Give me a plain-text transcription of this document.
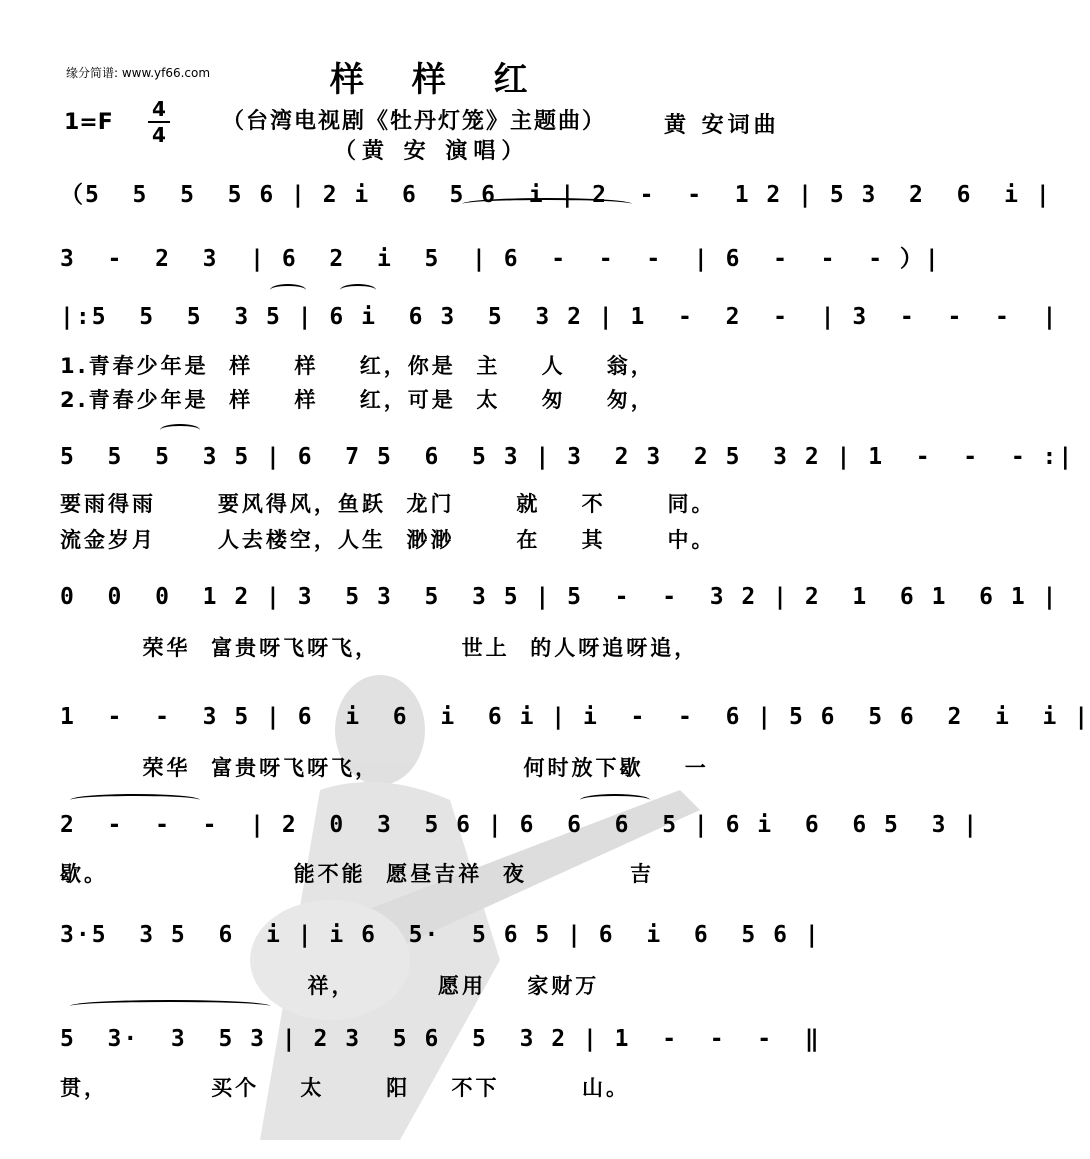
缘分简谱: www.yf66.com	样 样 红
1=F
4
4
（台湾电视剧《牡丹灯笼》主题曲）	黄 安词曲
（黄 安 演唱）
（5  5  5  5 6 | 2 i  6  5 6  i | 2  -  -  1 2 | 5 3  2  6  i |
3  -  2  3  | 6  2  i  5  | 6  -  -  -  | 6  -  -  - ）|
|:5  5  5  3 5 | 6 i  6 3  5  3 2 | 1  -  2  -  | 3  -  -  -  |
1.青春少年是  样    样    红，你是  主    人    翁，
2.青春少年是  样    样    红，可是  太    匆    匆，
5  5  5  3 5 | 6  7 5  6  5 3 | 3  2 3  2 5  3 2 | 1  -  -  - :|
要雨得雨      要风得风，鱼跃  龙门      就    不      同。
流金岁月      人去楼空，人生  渺渺      在    其      中。
0  0  0  1 2 | 3  5 3  5  3 5 | 5  -  -  3 2 | 2  1  6 1  6 1 |
荣华  富贵呀飞呀飞，        世上  的人呀追呀追，
1  -  -  3 5 | 6  i  6  i  6 i | i  -  -  6 | 5 6  5 6  2  i  i |
荣华  富贵呀飞呀飞，              何时放下歇    一
2  -  -  -  | 2  0  3  5 6 | 6  6  6  5 | 6 i  6  6 5  3 |
歇。                  能不能  愿昼吉祥  夜          吉
3·5  3 5  6  i | i 6  5·  5 6 5 | 6  i  6  5 6 |
祥，        愿用    家财万
5  3·  3  5 3 | 2 3  5 6  5  3 2 | 1  -  -  -  ‖
贯，          买个    太      阳    不下        山。
